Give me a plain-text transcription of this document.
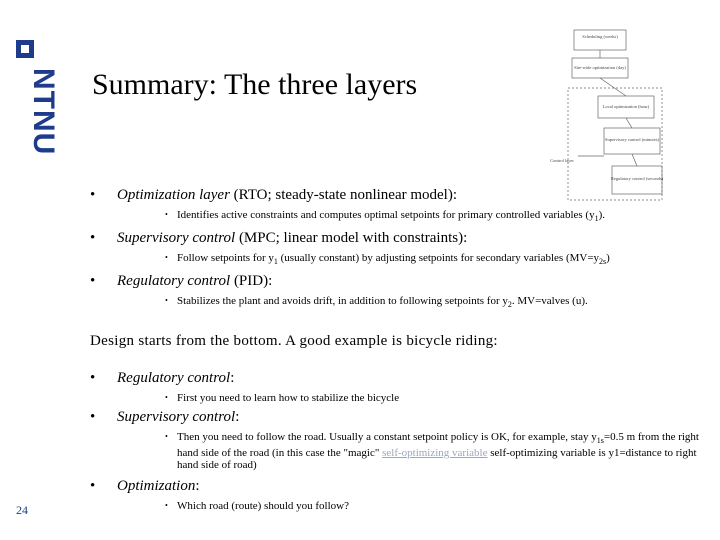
NTNU
24
Summary: The three layers
Scheduling (weeks)
Site-wide optimization (day)
Local optimization (hour)
Supervisory control (minutes)
Regulatory control (seconds)
Control layer
• Optimization layer (RTO; steady-state nonlinear model):
• Identifies active constraints and computes optimal setpoints for primary controlled variables $(y_1)$.
• Supervisory control (MPC; linear model with constraints):
• Follow setpoints for $y_1$ (usually constant) by adjusting setpoints for secondary variables $(MV=y_{2s})$
• Regulatory control (PID):
• Stabilizes the plant and avoids drift, in addition to following setpoints for $y_2$. MV=valves (u).

Design starts from the bottom. A good example is bicycle riding:

• Regulatory control:
• First you need to learn how to stabilize the bicycle
• Supervisory control:
• Then you need to follow the road. Usually a constant setpoint policy is OK, for example, stay $y_{1s}=0.5$ m from the right hand side of the road (in this case the "magic" self-optimizing variable self-optimizing variable is y1=distance to right hand side of road)
• Optimization:
• Which road (route) should you follow?
